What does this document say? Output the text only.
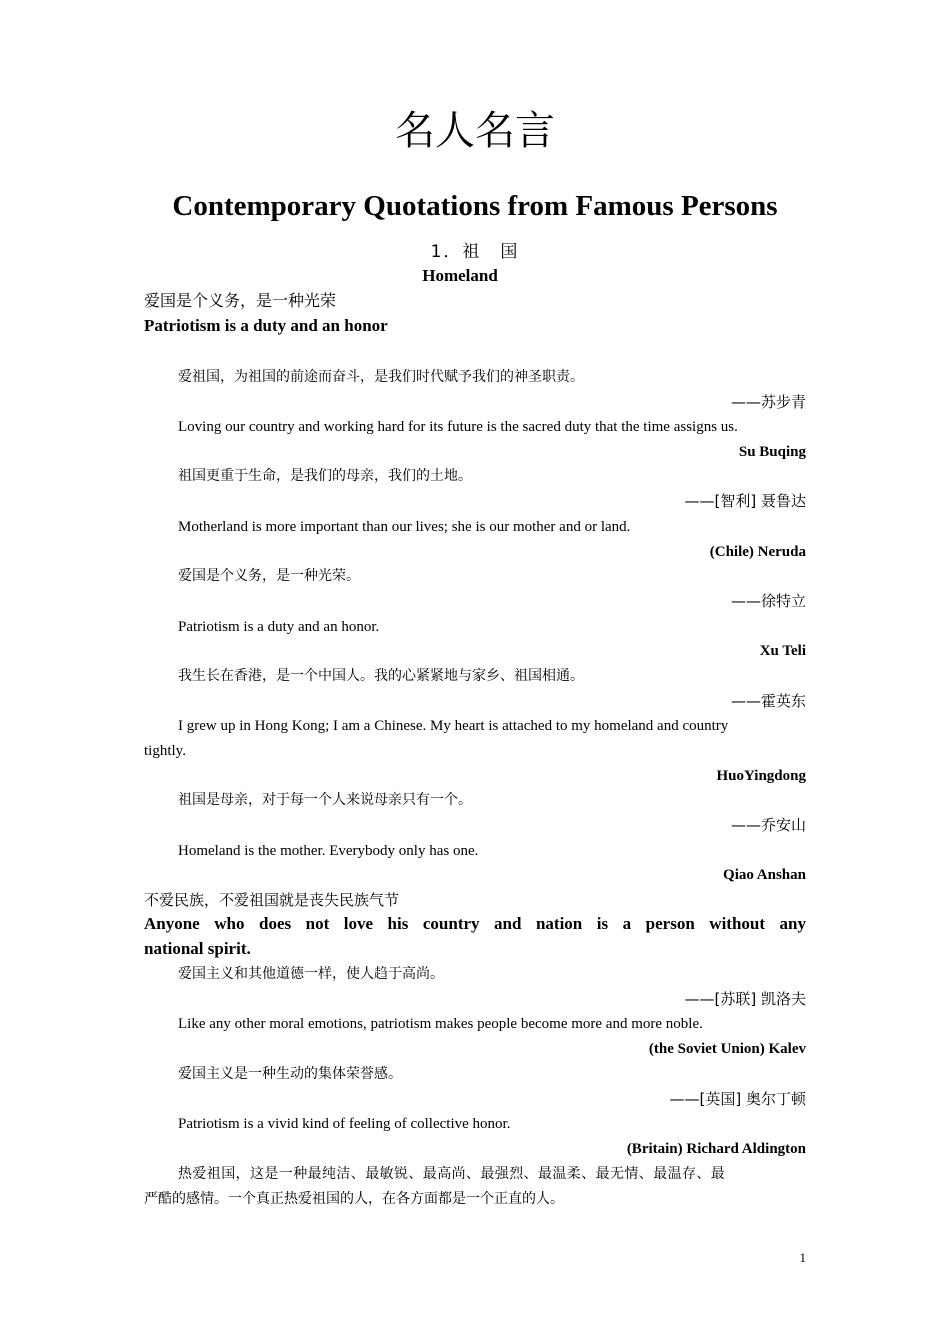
名人名言
Contemporary Quotations from Famous Persons
1．祖　国
Homeland
爱国是个义务，是一种光荣
Patriotism is a duty and an honor
爱祖国，为祖国的前途而奋斗，是我们时代赋予我们的神圣职责。
——苏步青
Loving our country and working hard for its future is the sacred duty that the time assigns us.
Su Buqing
祖国更重于生命，是我们的母亲，我们的土地。
——[智利] 聂鲁达
Motherland is more important than our lives; she is our mother and or land.
(Chile) Neruda
爱国是个义务，是一种光荣。
——徐特立
Patriotism is a duty and an honor.
Xu Teli
我生长在香港，是一个中国人。我的心紧紧地与家乡、祖国相通。
——霍英东
I grew up in Hong Kong; I am a Chinese. My heart is attached to my homeland and country
tightly.
HuoYingdong
祖国是母亲，对于每一个人来说母亲只有一个。
——乔安山
Homeland is the mother. Everybody only has one.
Qiao Anshan
不爱民族，不爱祖国就是丧失民族气节
Anyone who does not love his country and nation is a person without any
national spirit.
爱国主义和其他道德一样，使人趋于高尚。
——[苏联] 凯洛夫
Like any other moral emotions, patriotism makes people become more and more noble.
(the Soviet Union) Kalev
爱国主义是一种生动的集体荣誉感。
——[英国] 奥尔丁顿
Patriotism is a vivid kind of feeling of collective honor.
(Britain) Richard Aldington
热爱祖国，这是一种最纯洁、最敏锐、最高尚、最强烈、最温柔、最无情、最温存、最
严酷的感情。一个真正热爱祖国的人，在各方面都是一个正直的人。
1
